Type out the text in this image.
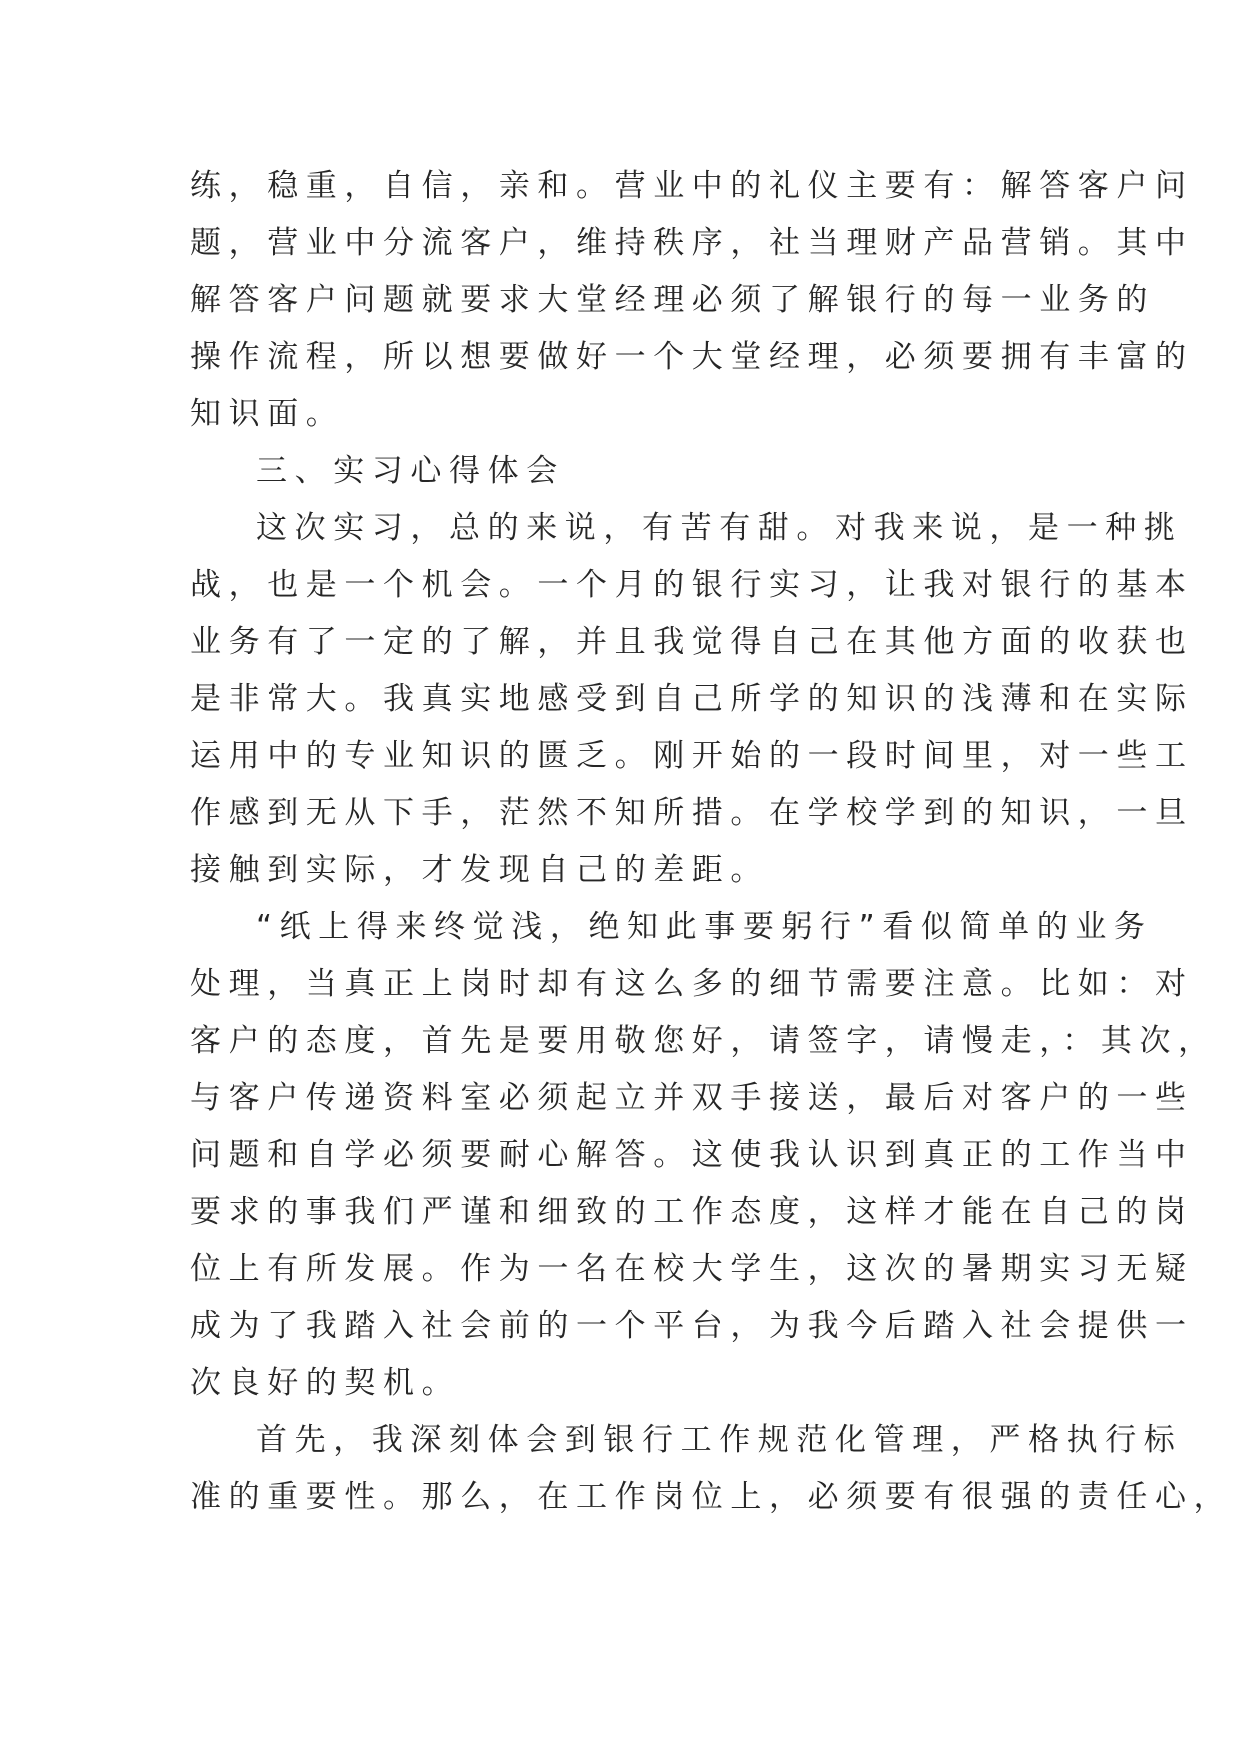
练，稳重，自信，亲和。营业中的礼仪主要有：解答客户问

题，营业中分流客户，维持秩序，社当理财产品营销。其中

解答客户问题就要求大堂经理必须了解银行的每一业务的

操作流程，所以想要做好一个大堂经理，必须要拥有丰富的

知识面。

三、实习心得体会

这次实习，总的来说，有苦有甜。对我来说，是一种挑

战，也是一个机会。一个月的银行实习，让我对银行的基本

业务有了一定的了解，并且我觉得自己在其他方面的收获也

是非常大。我真实地感受到自己所学的知识的浅薄和在实际

运用中的专业知识的匮乏。刚开始的一段时间里，对一些工

作感到无从下手，茫然不知所措。在学校学到的知识，一旦

接触到实际，才发现自己的差距。

“纸上得来终觉浅，绝知此事要躬行”看似简单的业务

处理，当真正上岗时却有这么多的细节需要注意。比如：对

客户的态度，首先是要用敬您好，请签字，请慢走，：其次，

与客户传递资料室必须起立并双手接送，最后对客户的一些

问题和自学必须要耐心解答。这使我认识到真正的工作当中

要求的事我们严谨和细致的工作态度，这样才能在自己的岗

位上有所发展。作为一名在校大学生，这次的暑期实习无疑

成为了我踏入社会前的一个平台，为我今后踏入社会提供一

次良好的契机。

首先，我深刻体会到银行工作规范化管理，严格执行标

准的重要性。那么，在工作岗位上，必须要有很强的责任心，
